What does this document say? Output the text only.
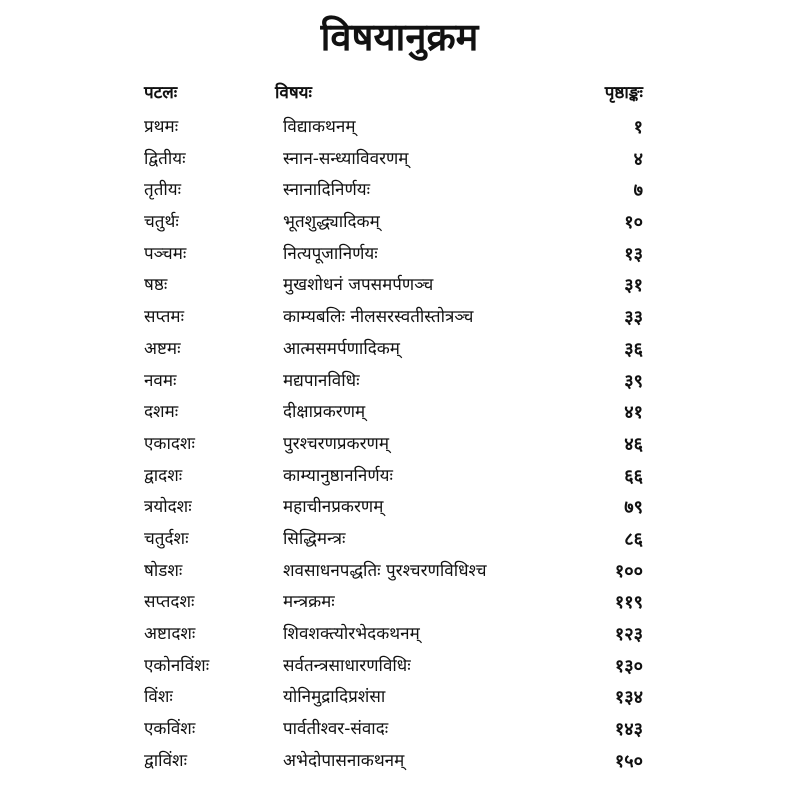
विषयानुक्रम
पटलः	विषयः	पृष्ठाङ्कः
प्रथमः	विद्याकथनम्	१
द्वितीयः	स्नान-सन्ध्याविवरणम्	४
तृतीयः	स्नानादिनिर्णयः	७
चतुर्थः	भूतशुद्ध्यादिकम्	१०
पञ्चमः	नित्यपूजानिर्णयः	१३
षष्ठः	मुखशोधनं जपसमर्पणञ्च	३१
सप्तमः	काम्यबलिः नीलसरस्वतीस्तोत्रञ्च	३३
अष्टमः	आत्मसमर्पणादिकम्	३६
नवमः	मद्यपानविधिः	३९
दशमः	दीक्षाप्रकरणम्	४१
एकादशः	पुरश्चरणप्रकरणम्	४६
द्वादशः	काम्यानुष्ठाननिर्णयः	६६
त्रयोदशः	महाचीनप्रकरणम्	७९
चतुर्दशः	सिद्धिमन्त्रः	८६
षोडशः	शवसाधनपद्धतिः पुरश्चरणविधिश्च	१००
सप्तदशः	मन्त्रक्रमः	११९
अष्टादशः	शिवशक्त्योरभेदकथनम्	१२३
एकोनविंशः	सर्वतन्त्रसाधारणविधिः	१३०
विंशः	योनिमुद्रादिप्रशंसा	१३४
एकविंशः	पार्वतीश्वर-संवादः	१४३
द्वाविंशः	अभेदोपासनाकथनम्	१५०
